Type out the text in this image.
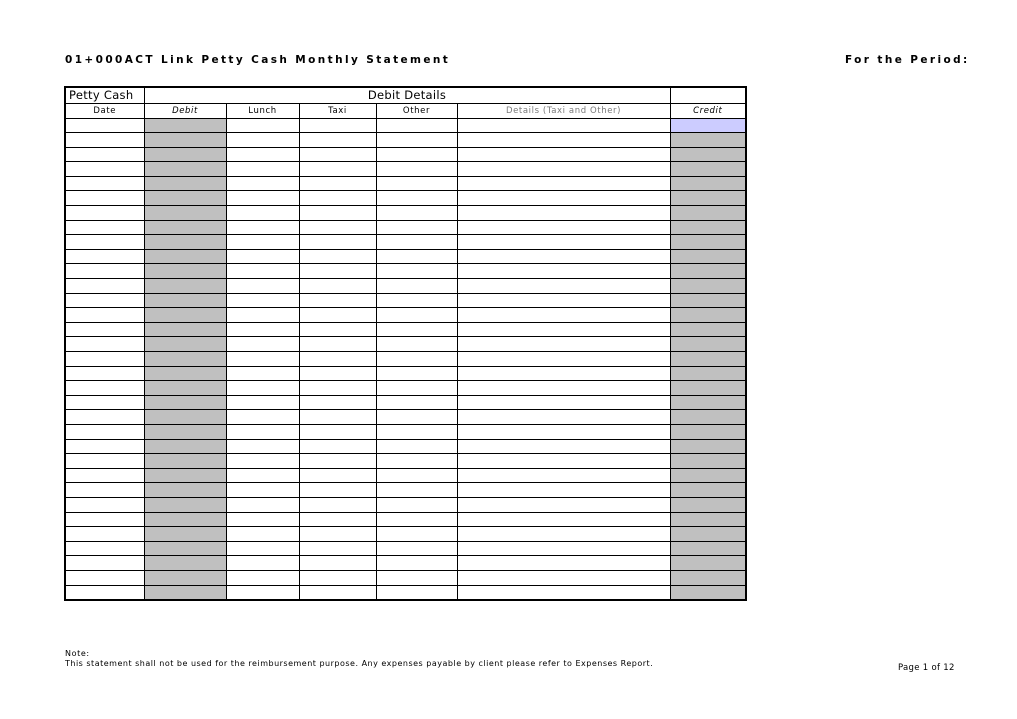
01+000ACT Link Petty Cash Monthly Statement	For the Period:
Petty Cash	Debit Details					
Date	Debit	Lunch	Taxi	Other	Details (Taxi and Other)	Credit

Note:
This statement shall not be used for the reimbursement purpose. Any expenses payable by client please refer to Expenses Report.	Page 1 of 12
